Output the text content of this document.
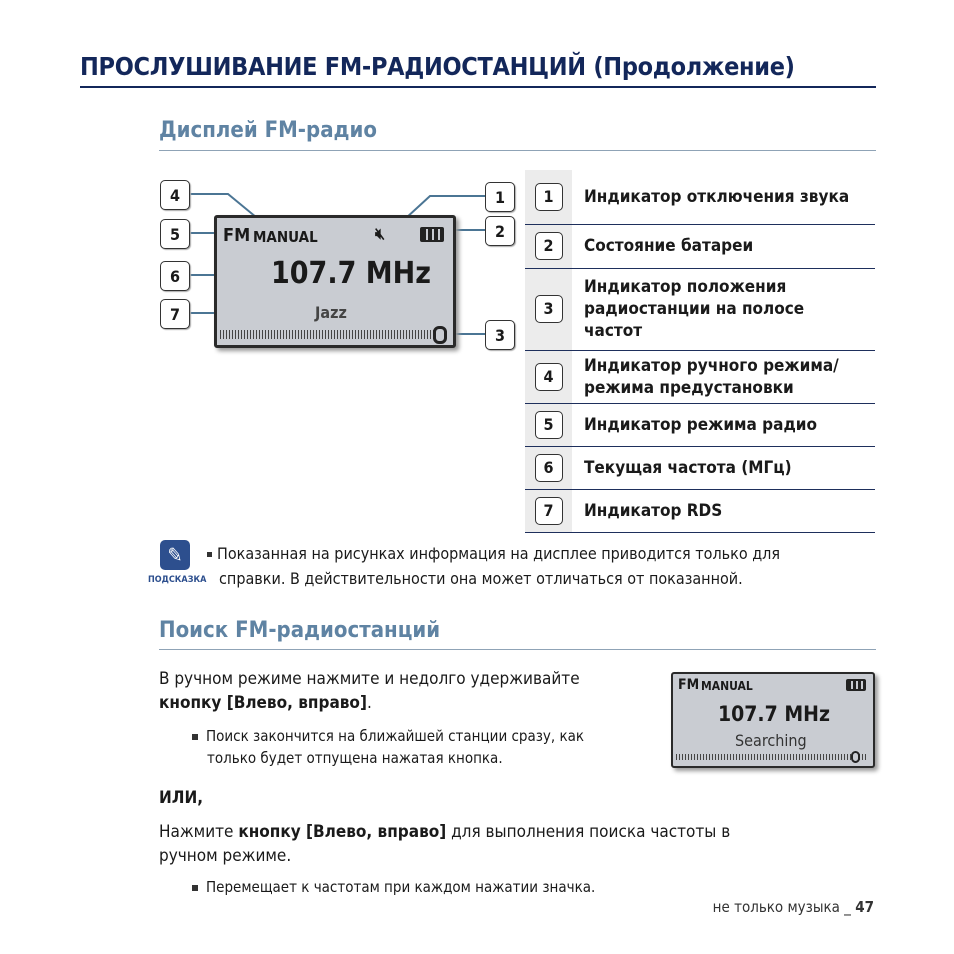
ПРОСЛУШИВАНИЕ FM-РАДИОСТАНЦИЙ (Продолжение)
Дисплей FM-радио
FM MANUAL	🔇︎
107.7 MHz
Jazz
4
5
6
7
1
2
3
1	Индикатор отключения звука
2	Состояние батареи
3	Индикатор положения радиостанции на полосе частот
4	Индикатор ручного режима/ режима предустановки
5	Индикатор режима радио
6	Текущая частота (МГц)
7	Индикатор RDS
✎
ПОДСКАЗКА
Показанная на рисунках информация на дисплее приводится только для
справки. В действительности она может отличаться от показанной.
Поиск FM-радиостанций
В ручном режиме нажмите и недолго удерживайте
кнопку [Влево, вправо].
Поиск закончится на ближайшей станции сразу, как
только будет отпущена нажатая кнопка.
ИЛИ,
Нажмите кнопку [Влево, вправо] для выполнения поиска частоты в
ручном режиме.
Перемещает к частотам при каждом нажатии значка.
FM MANUAL
107.7 MHz
Searching
не только музыка _ 47
